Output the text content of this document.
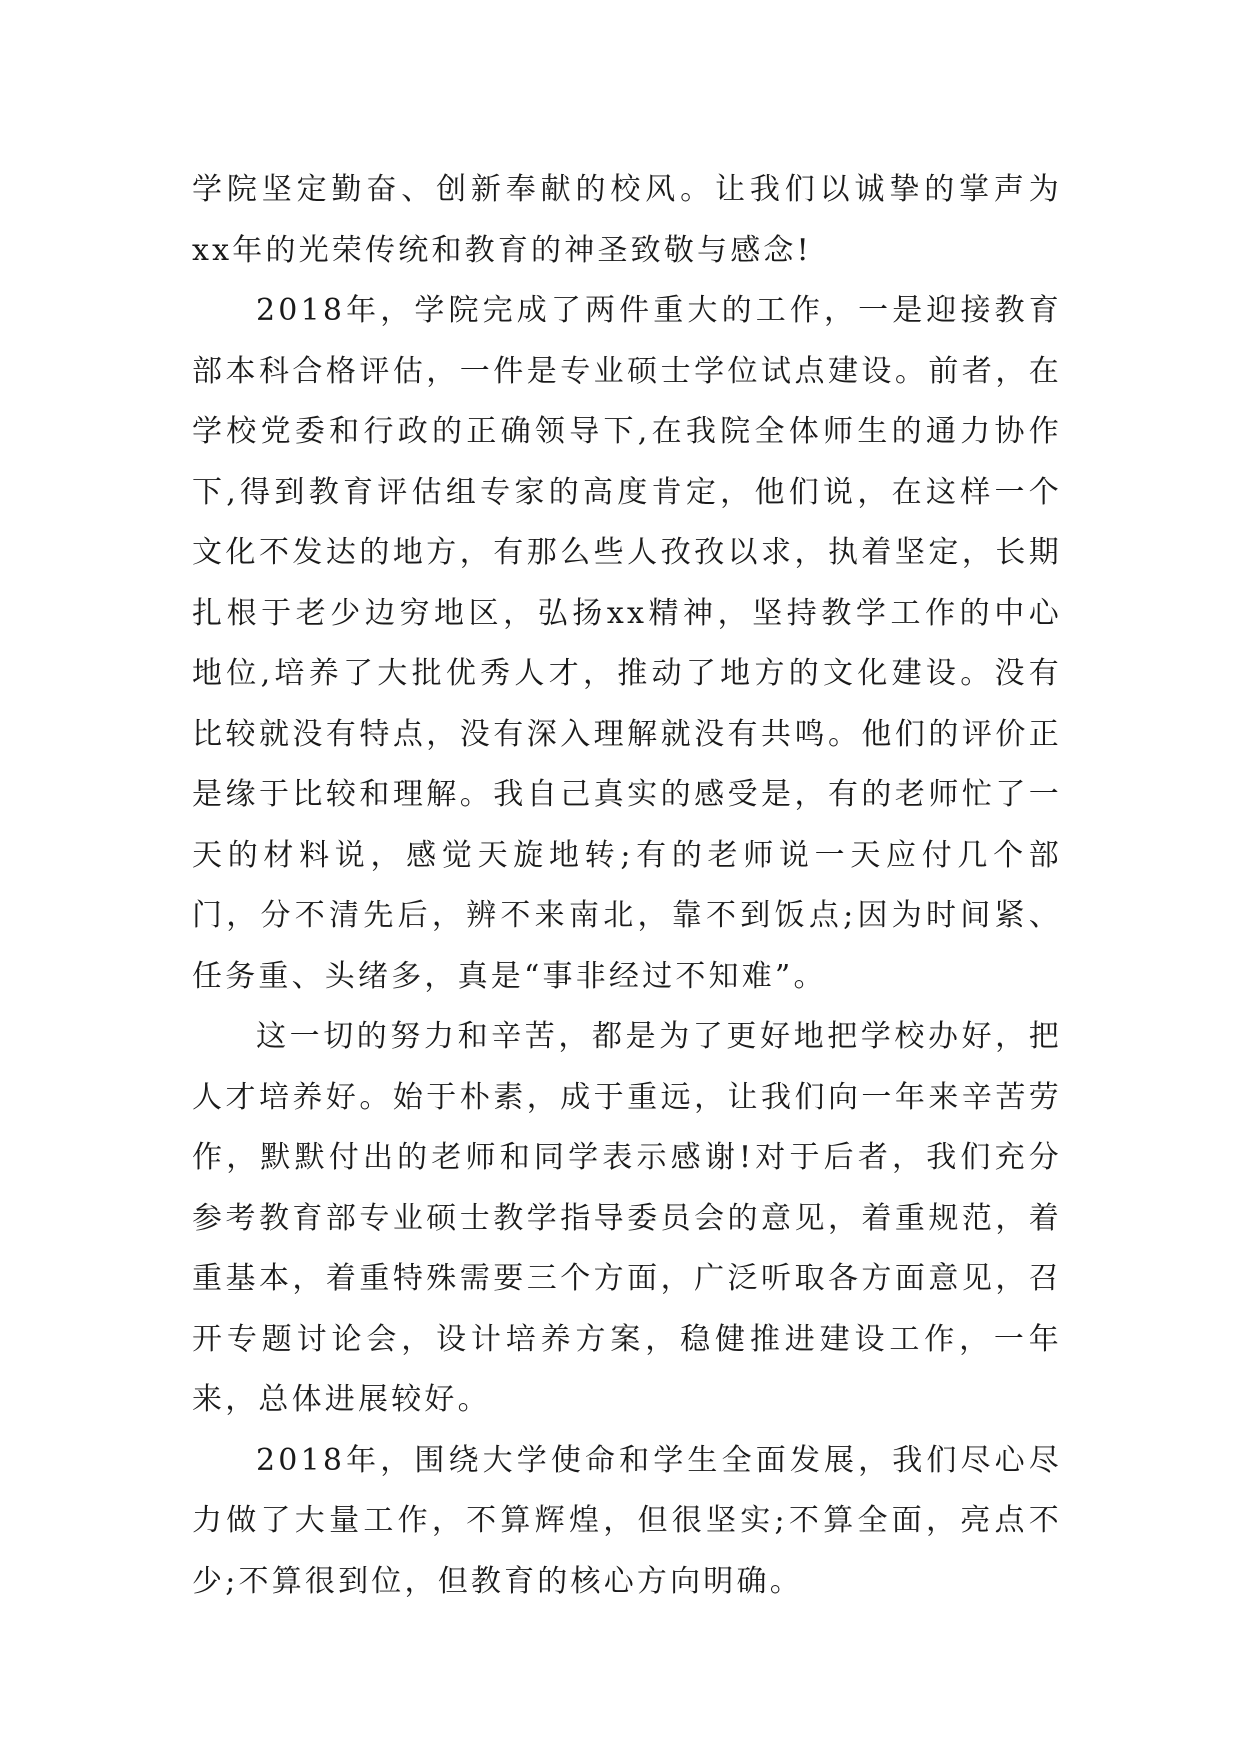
学院坚定勤奋、创新奉献的校风。让我们以诚挚的掌声为xx年的光荣传统和教育的神圣致敬与感念!

2018年，学院完成了两件重大的工作，一是迎接教育部本科合格评估，一件是专业硕士学位试点建设。前者，在学校党委和行政的正确领导下,在我院全体师生的通力协作下,得到教育评估组专家的高度肯定，他们说，在这样一个文化不发达的地方，有那么些人孜孜以求，执着坚定，长期扎根于老少边穷地区，弘扬xx精神，坚持教学工作的中心地位,培养了大批优秀人才，推动了地方的文化建设。没有比较就没有特点，没有深入理解就没有共鸣。他们的评价正是缘于比较和理解。我自己真实的感受是，有的老师忙了一天的材料说，感觉天旋地转;有的老师说一天应付几个部门，分不清先后，辨不来南北，靠不到饭点;因为时间紧、任务重、头绪多，真是“事非经过不知难”。

这一切的努力和辛苦，都是为了更好地把学校办好，把人才培养好。始于朴素，成于重远，让我们向一年来辛苦劳作，默默付出的老师和同学表示感谢!对于后者，我们充分参考教育部专业硕士教学指导委员会的意见，着重规范，着重基本，着重特殊需要三个方面，广泛听取各方面意见，召开专题讨论会，设计培养方案，稳健推进建设工作，一年来，总体进展较好。

2018年，围绕大学使命和学生全面发展，我们尽心尽力做了大量工作，不算辉煌，但很坚实;不算全面，亮点不少;不算很到位，但教育的核心方向明确。
